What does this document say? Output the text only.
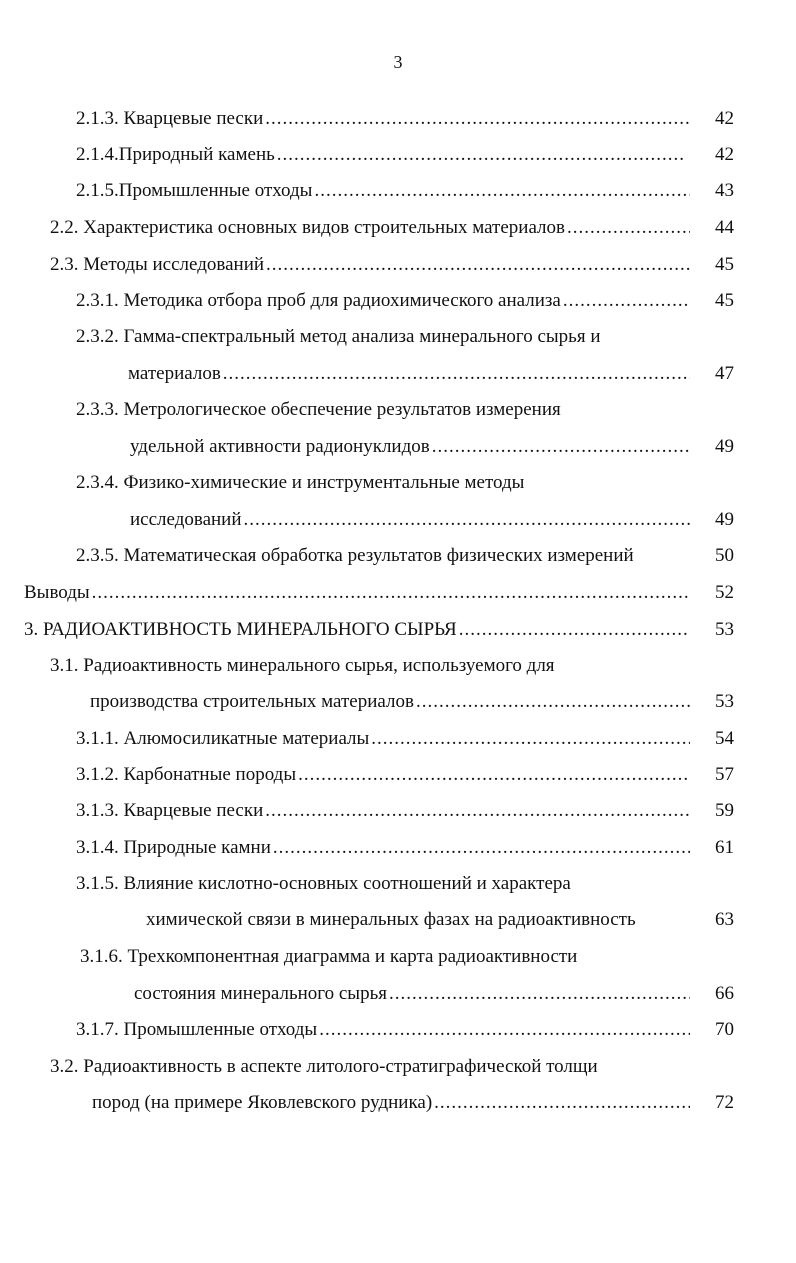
3
2.1.3. Кварцевые пески .....	42
2.1.4.Природный камень .....	42
2.1.5.Промышленные отходы .....	43
2.2. Характеристика основных видов строительных материалов .....	44
2.3. Методы исследований .....	45
2.3.1. Методика отбора проб для радиохимического анализа .....	45
2.3.2. Гамма-спектральный метод анализа минерального сырья и
материалов .....	47
2.3.3. Метрологическое обеспечение результатов измерения
удельной активности радионуклидов .....	49
2.3.4. Физико-химические и инструментальные методы
исследований .....	49
2.3.5. Математическая обработка результатов физических измерений	50
Выводы .....	52
3. РАДИОАКТИВНОСТЬ МИНЕРАЛЬНОГО СЫРЬЯ .....	53
3.1. Радиоактивность минерального сырья, используемого для
производства строительных материалов .....	53
3.1.1. Алюмосиликатные материалы .....	54
3.1.2. Карбонатные породы .....	57
3.1.3. Кварцевые пески .....	59
3.1.4. Природные камни .....	61
3.1.5. Влияние кислотно-основных соотношений и характера
химической связи в минеральных фазах на радиоактивность	63
3.1.6. Трехкомпонентная диаграмма и карта радиоактивности
состояния минерального сырья .....	66
3.1.7. Промышленные отходы .....	70
3.2. Радиоактивность в аспекте литолого-стратиграфической толщи
пород (на примере Яковлевского рудника) .....	72
